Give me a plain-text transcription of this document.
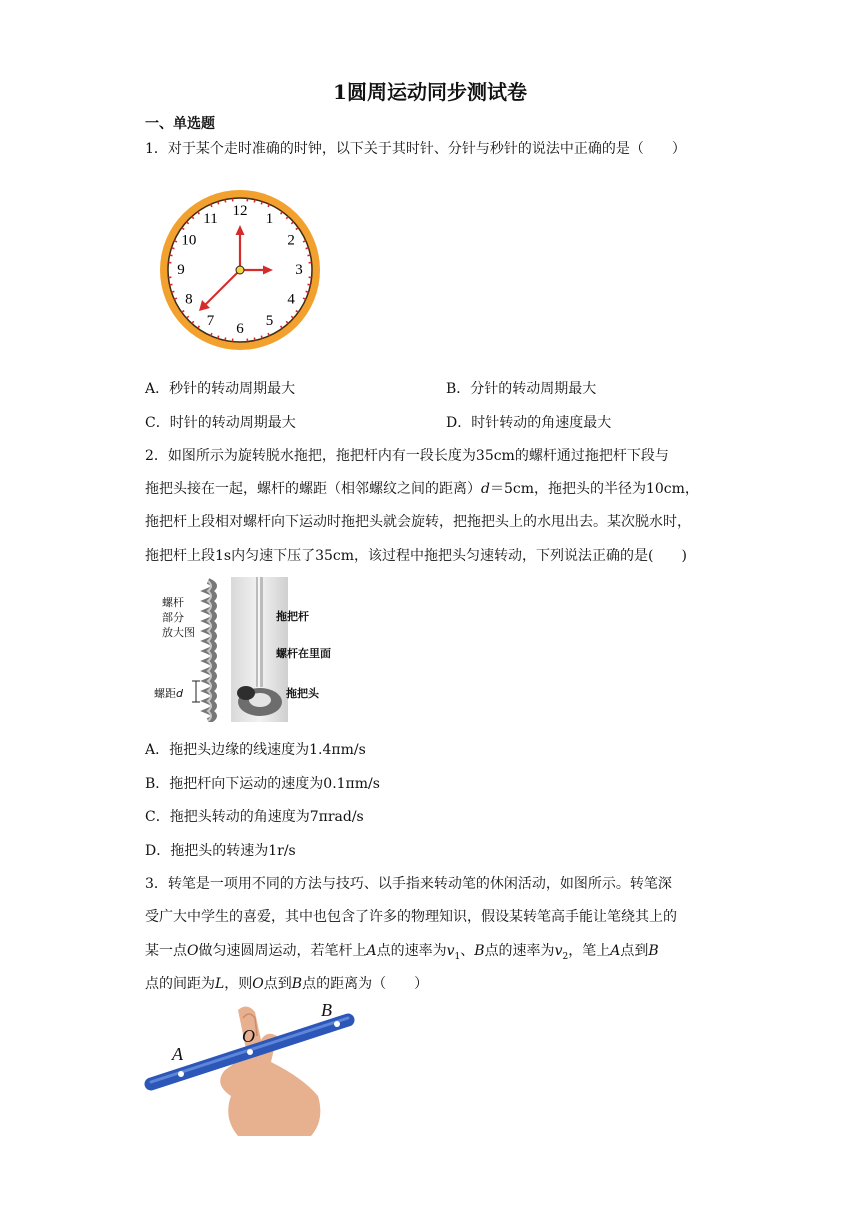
1圆周运动同步测试卷
一、单选题
1．对于某个走时准确的时钟，以下关于其时针、分针与秒针的说法中正确的是（　　）
12 1
2
3
4
5
6
7
8
9
10
11
A．秒针的转动周期最大	B．分针的转动周期最大
C．时针的转动周期最大	D．时针转动的角速度最大
2．如图所示为旋转脱水拖把，拖把杆内有一段长度为35cm的螺杆通过拖把杆下段与
拖把头接在一起，螺杆的螺距（相邻螺纹之间的距离）d＝5cm，拖把头的半径为10cm，
拖把杆上段相对螺杆向下运动时拖把头就会旋转，把拖把头上的水甩出去。某次脱水时，
拖把杆上段1s内匀速下压了35cm，该过程中拖把头匀速转动，下列说法正确的是(　　)
螺杆
部分
放大图
螺距d
拖把杆
螺杆在里面
拖把头
A．拖把头边缘的线速度为1.4πm/s
B．拖把杆向下运动的速度为0.1πm/s
C．拖把头转动的角速度为7πrad/s
D．拖把头的转速为1r/s
3．转笔是一项用不同的方法与技巧、以手指来转动笔的休闲活动，如图所示。转笔深
受广大中学生的喜爱，其中也包含了许多的物理知识，假设某转笔高手能让笔绕其上的
某一点O做匀速圆周运动，若笔杆上A点的速率为$v_1$、B点的速率为$v_2$，笔上A点到B
点的间距为L，则O点到B点的距离为（　　）
A
O
B
